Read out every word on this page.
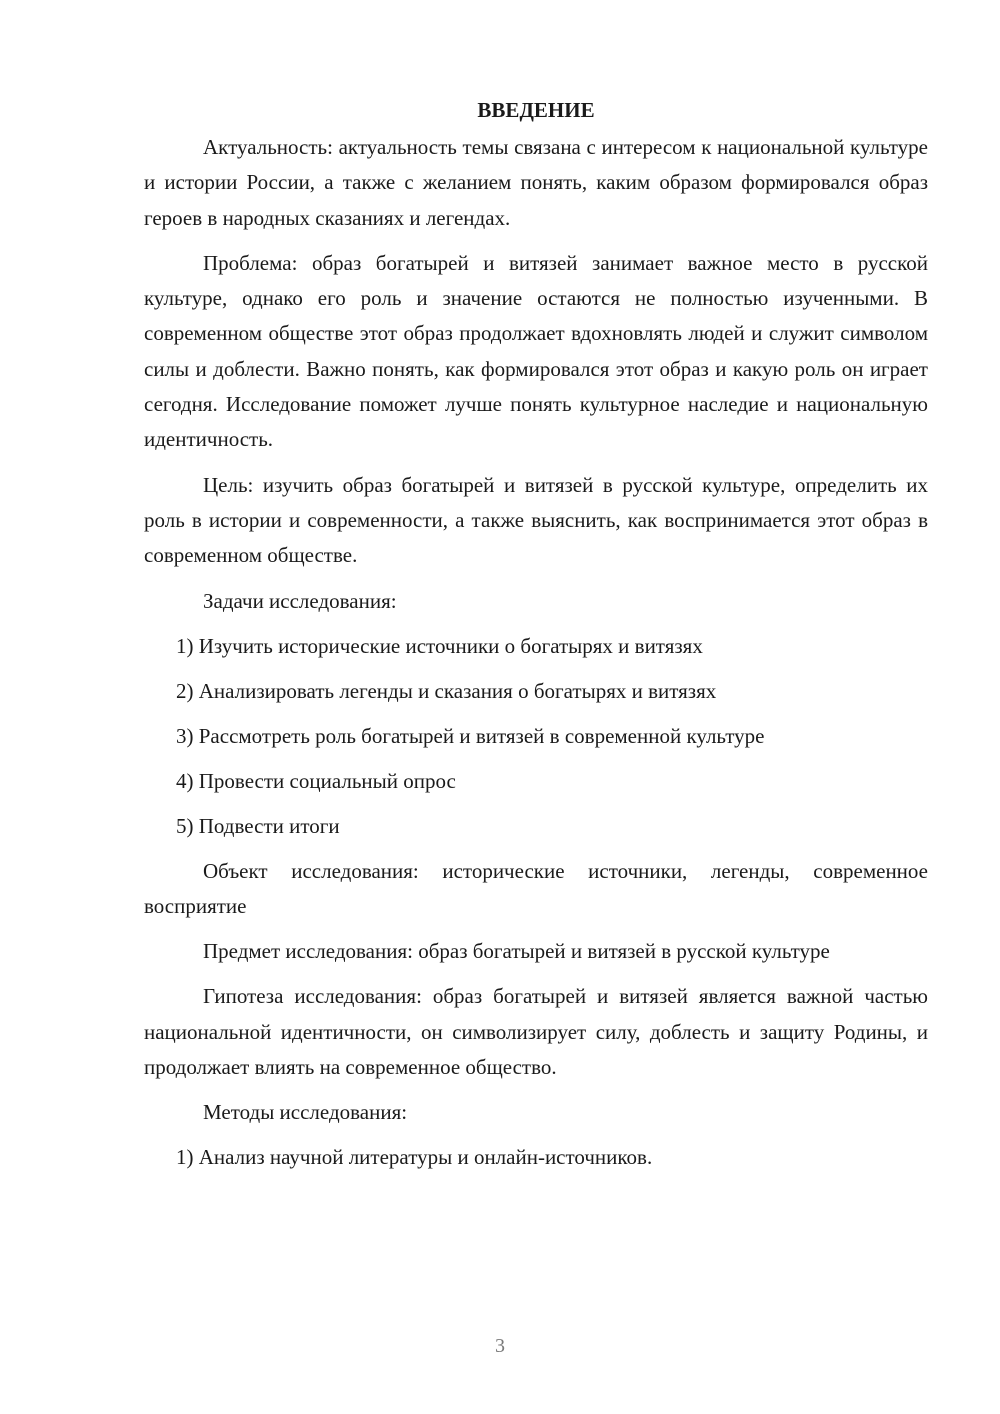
ВВЕДЕНИЕ

Актуальность: актуальность темы связана с интересом к национальной культуре и истории России, а также с желанием понять, каким образом формировался образ героев в народных сказаниях и легендах.

Проблема: образ богатырей и витязей занимает важное место в русской культуре, однако его роль и значение остаются не полностью изученными. В современном обществе этот образ продолжает вдохновлять людей и служит символом силы и доблести. Важно понять, как формировался этот образ и какую роль он играет сегодня. Исследование поможет лучше понять культурное наследие и национальную идентичность.

Цель: изучить образ богатырей и витязей в русской культуре, определить их роль в истории и современности, а также выяснить, как воспринимается этот образ в современном обществе.

Задачи исследования:

1) Изучить исторические источники о богатырях и витязях

2) Анализировать легенды и сказания о богатырях и витязях

3) Рассмотреть роль богатырей и витязей в современной культуре

4) Провести социальный опрос

5) Подвести итоги

Объект исследования: исторические источники, легенды, современное восприятие

Предмет исследования: образ богатырей и витязей в русской культуре

Гипотеза исследования: образ богатырей и витязей является важной частью национальной идентичности, он символизирует силу, доблесть и защиту Родины, и продолжает влиять на современное общество.

Методы исследования:

1) Анализ научной литературы и онлайн-источников.

3
